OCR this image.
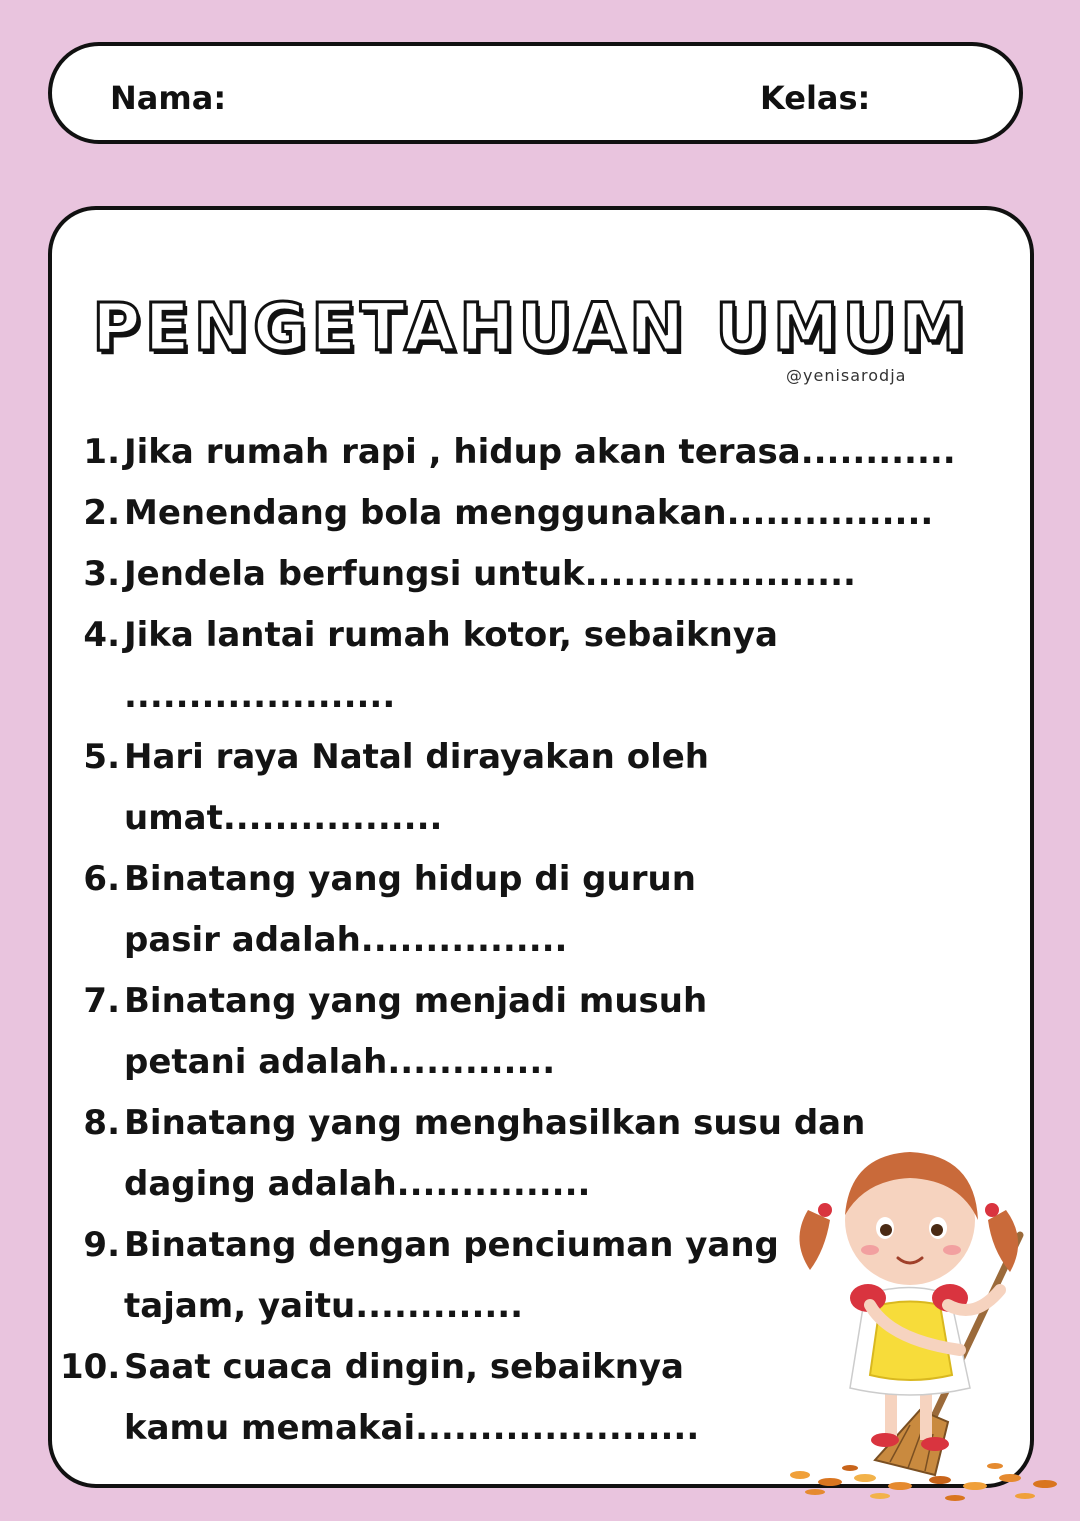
Nama:	Kelas:
PENGETAHUAN UMUM
@yenisarodja
1. Jika rumah rapi , hidup akan terasa............
2. Menendang bola menggunakan................
3. Jendela berfungsi untuk.....................
4. Jika lantai rumah kotor, sebaiknya .....................
5. Hari raya Natal dirayakan oleh umat.................
6. Binatang yang hidup di gurun pasir adalah................
7. Binatang yang menjadi musuh petani adalah.............
8. Binatang yang menghasilkan susu dan daging adalah...............
9. Binatang dengan penciuman yang tajam, yaitu.............
10. Saat cuaca dingin, sebaiknya kamu memakai......................
